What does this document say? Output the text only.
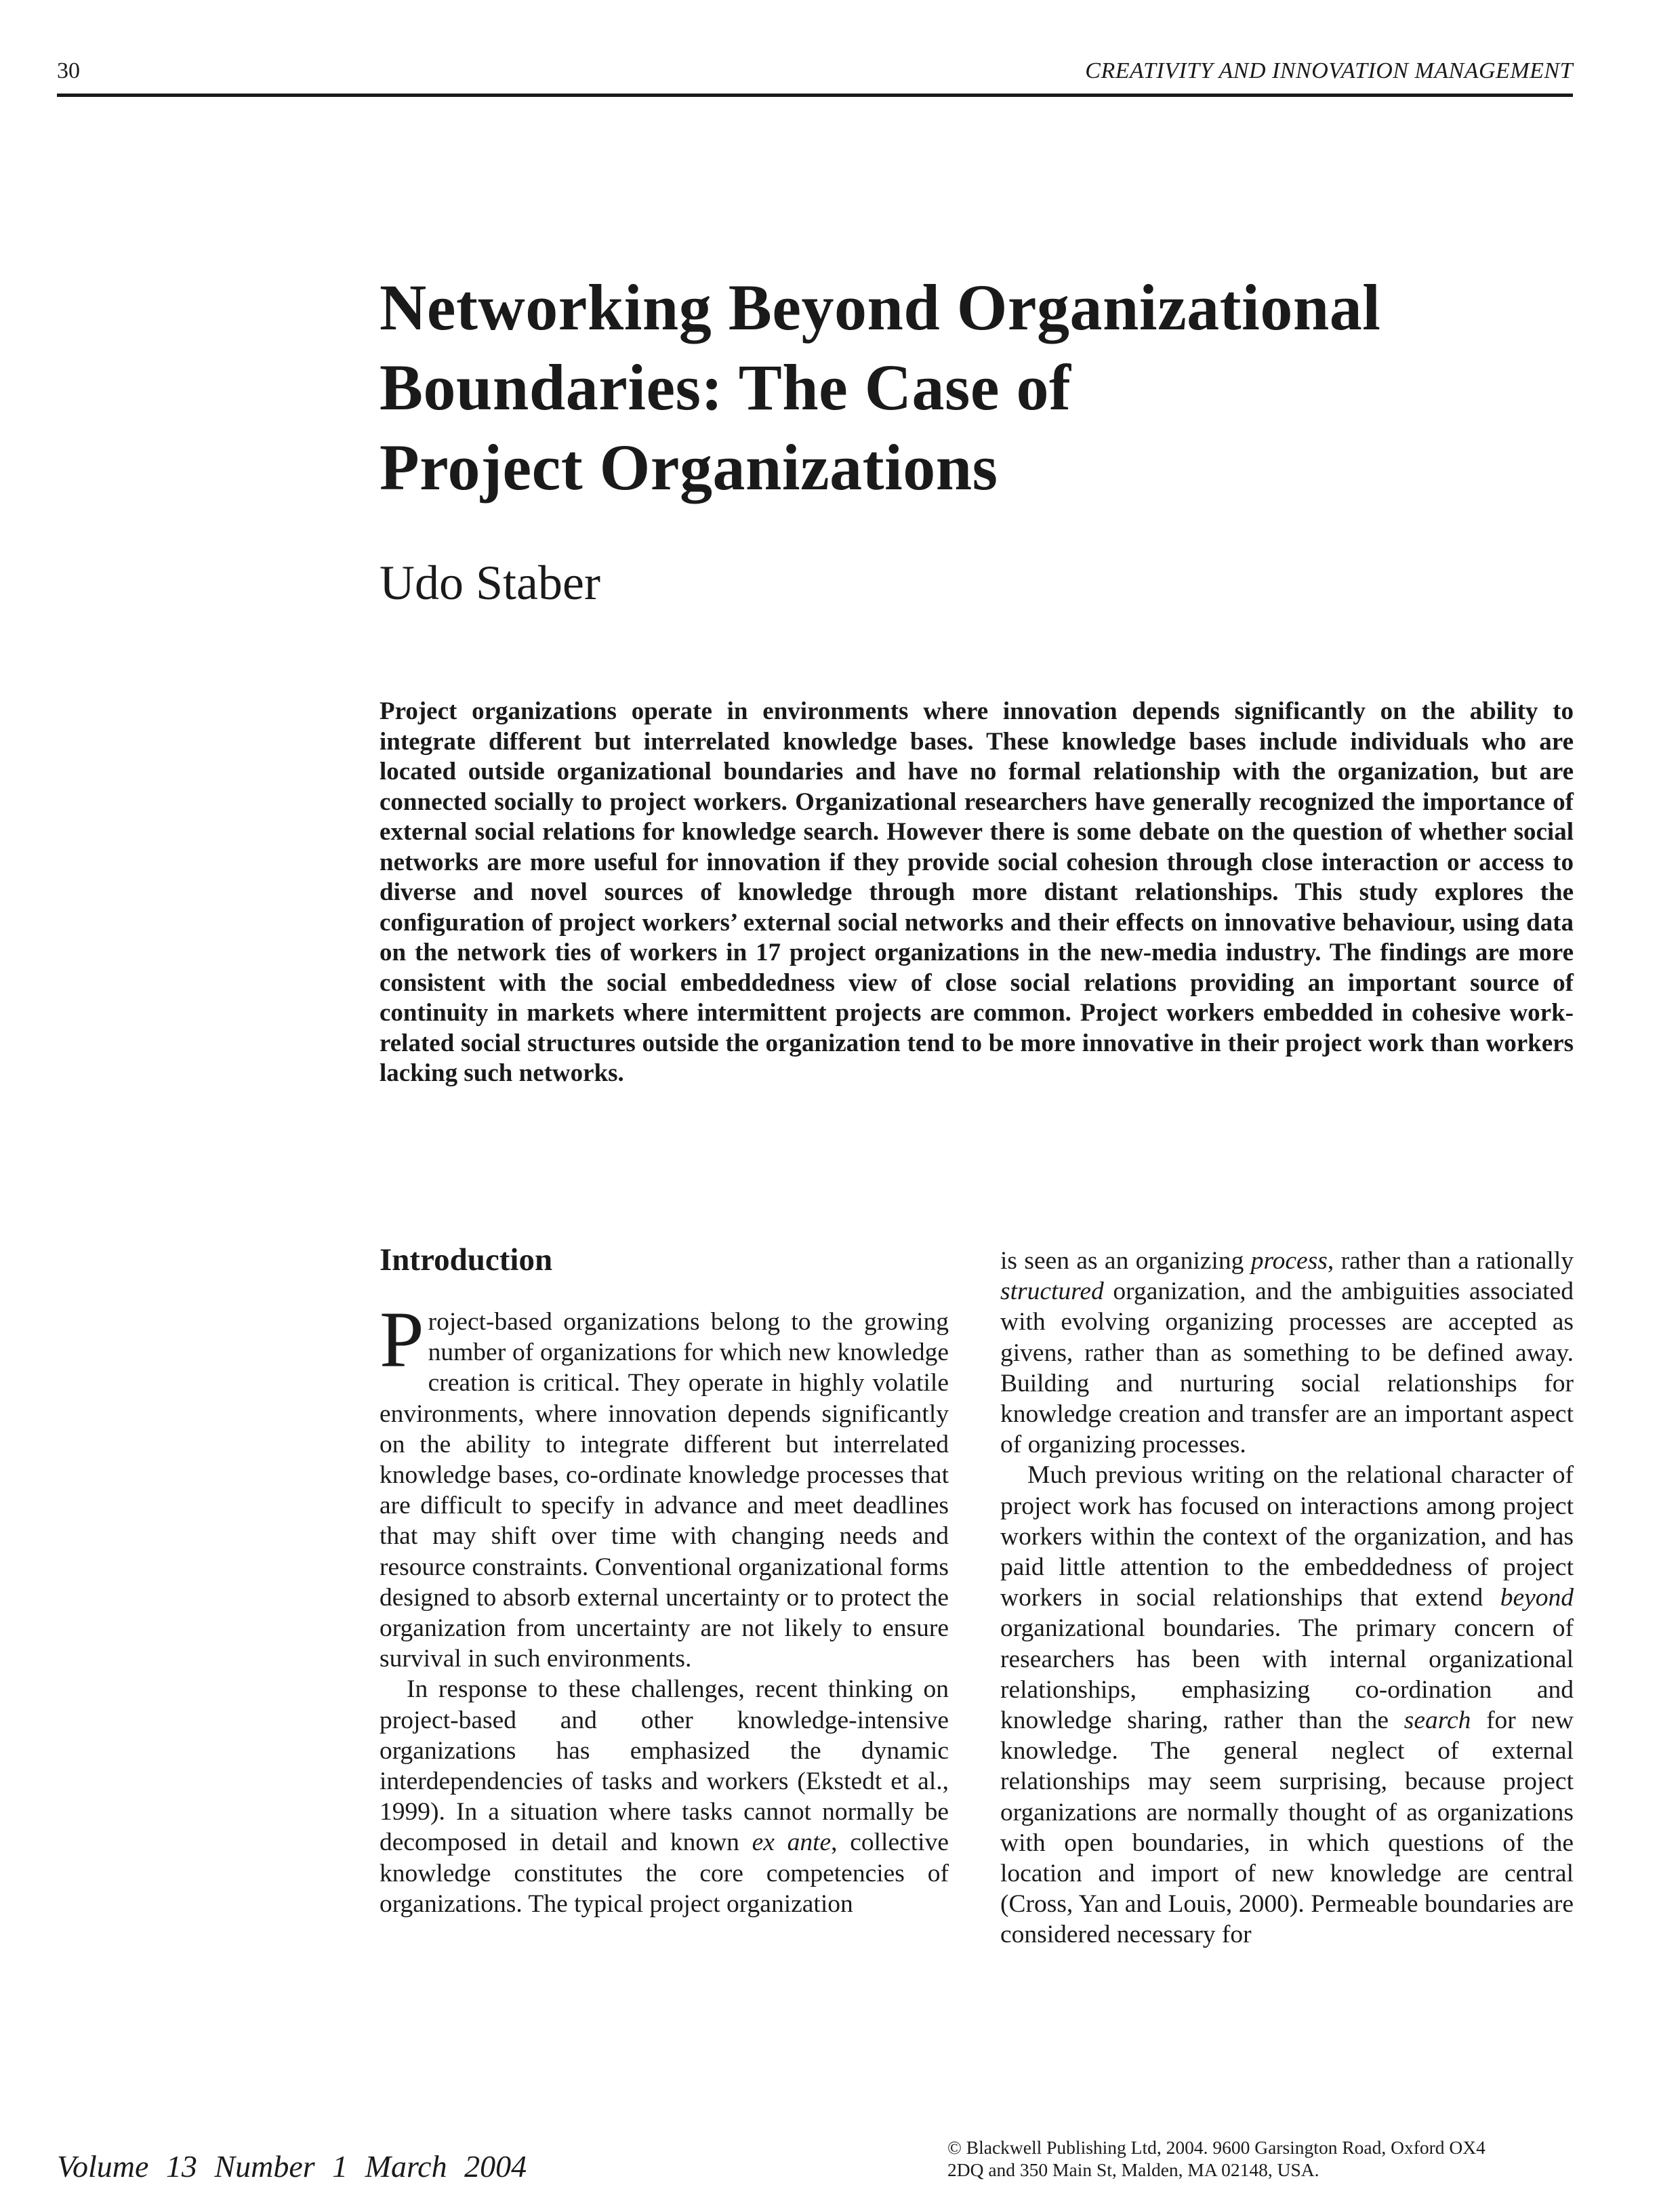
30	CREATIVITY AND INNOVATION MANAGEMENT
Networking Beyond Organizational
Boundaries: The Case of
Project Organizations
Udo Staber

Project organizations operate in environments where innovation depends significantly on the ability to integrate different but interrelated knowledge bases. These knowledge bases include individuals who are located outside organizational boundaries and have no formal relationship with the organization, but are connected socially to project workers. Organizational researchers have generally recognized the importance of external social relations for knowledge search. However there is some debate on the question of whether social networks are more useful for innovation if they provide social cohesion through close interaction or access to diverse and novel sources of knowledge through more distant relationships. This study explores the configuration of project workers’ external social networks and their effects on innovative behaviour, using data on the network ties of workers in 17 project organizations in the new-media industry. The findings are more consistent with the social embeddedness view of close social relations providing an important source of continuity in markets where intermittent projects are common. Project workers embedded in cohesive work-related social structures outside the organization tend to be more innovative in their project work than workers lacking such networks.

Introduction

Project-based organizations belong to the growing number of organizations for which new knowledge creation is critical. They operate in highly volatile environments, where innovation depends significantly on the ability to integrate different but interrelated knowledge bases, co-ordinate knowledge processes that are difficult to specify in advance and meet deadlines that may shift over time with changing needs and resource constraints. Conventional organizational forms designed to absorb external uncertainty or to protect the organization from uncertainty are not likely to ensure survival in such environments.

In response to these challenges, recent thinking on project-based and other knowledge-intensive organizations has emphasized the dynamic interdependencies of tasks and workers (Ekstedt et al., 1999). In a situation where tasks cannot normally be decomposed in detail and known ex ante, collective knowledge constitutes the core competencies of organizations. The typical project organization

is seen as an organizing process, rather than a rationally structured organization, and the ambiguities associated with evolving organizing processes are accepted as givens, rather than as something to be defined away. Building and nurturing social relationships for knowledge creation and transfer are an important aspect of organizing processes.

Much previous writing on the relational character of project work has focused on interactions among project workers within the context of the organization, and has paid little attention to the embeddedness of project workers in social relationships that extend beyond organizational boundaries. The primary concern of researchers has been with internal organizational relationships, emphasizing co-ordination and knowledge sharing, rather than the search for new knowledge. The general neglect of external relationships may seem surprising, because project organizations are normally thought of as organizations with open boundaries, in which questions of the location and import of new knowledge are central (Cross, Yan and Louis, 2000). Permeable boundaries are considered necessary for

Volume 13 Number 1 March 2004

© Blackwell Publishing Ltd, 2004. 9600 Garsington Road, Oxford OX4
2DQ and 350 Main St, Malden, MA 02148, USA.
